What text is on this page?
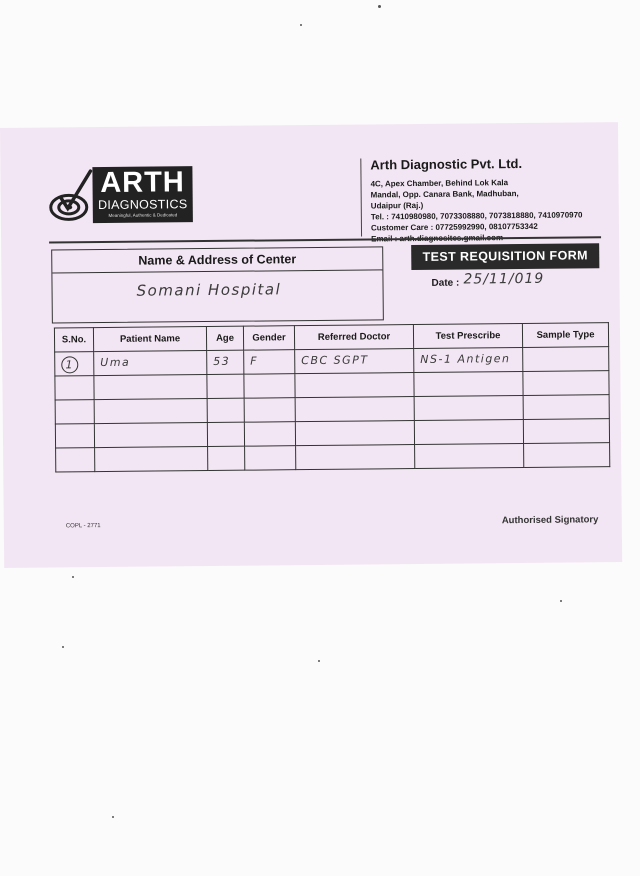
ARTH
DIAGNOSTICS
Meaningful, Authentic & Dedicated
Arth Diagnostic Pvt. Ltd.
4C, Apex Chamber, Behind Lok Kala
Mandal, Opp. Canara Bank, Madhuban,
Udaipur (Raj.)
Tel. : 7410980980, 7073308880, 7073818880, 7410970970
Customer Care : 07725992990, 08107753342
Name & Address of Center
Somani Hospital
TEST REQUISITION FORM
Date : 25/11/019
S.No.	Patient Name	Age	Gender	Referred Doctor	Test Prescribe	Sample Type

1	Uma	53	F	CBC SGPT	NS-1 Antigen	

COPL - 2771
Authorised Signatory
